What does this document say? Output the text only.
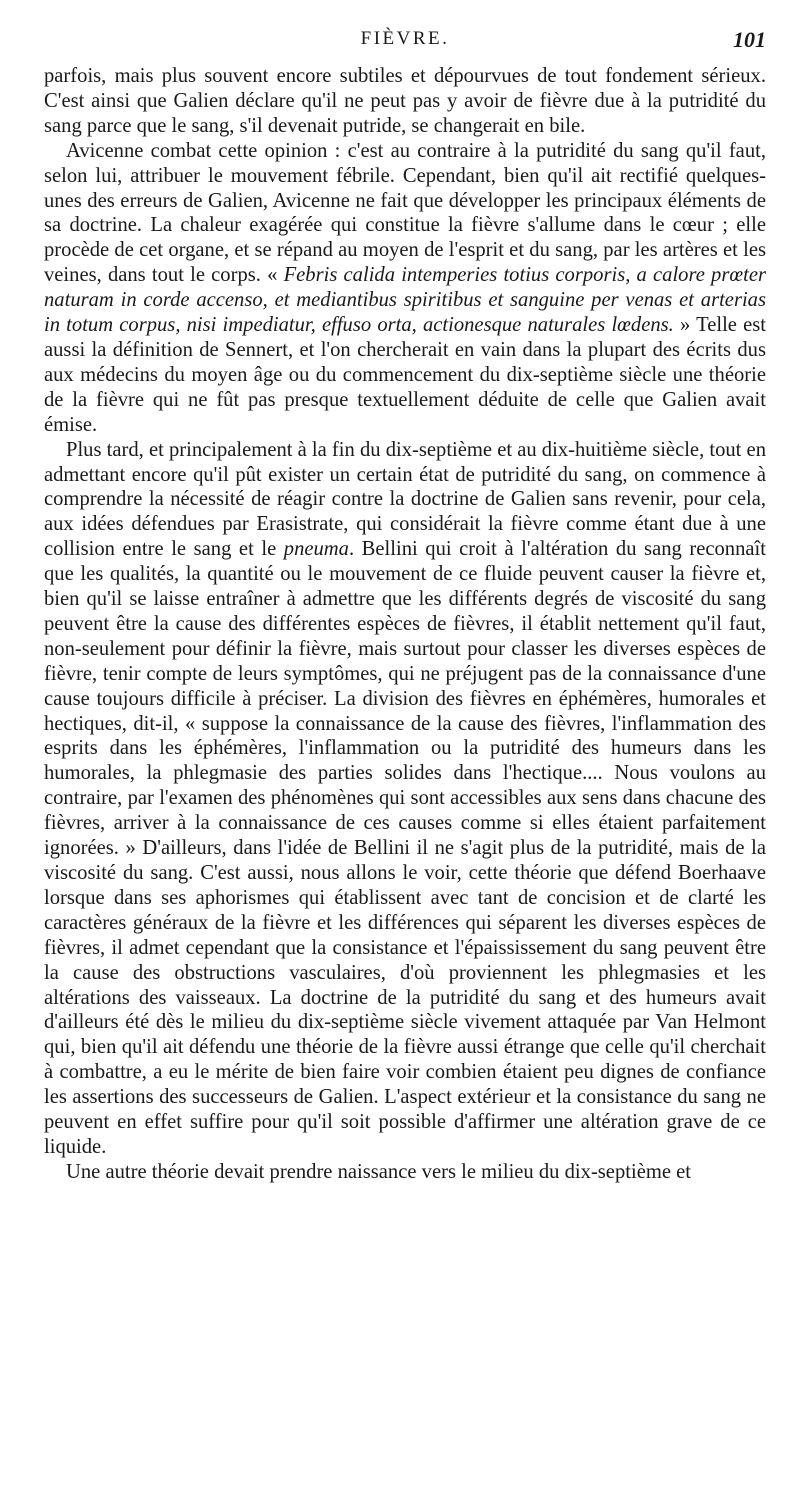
FIÈVRE.	101

parfois, mais plus souvent encore subtiles et dépourvues de tout fondement sérieux. C'est ainsi que Galien déclare qu'il ne peut pas y avoir de fièvre due à la putridité du sang parce que le sang, s'il devenait putride, se changerait en bile.

Avicenne combat cette opinion : c'est au contraire à la putridité du sang qu'il faut, selon lui, attribuer le mouvement fébrile. Cependant, bien qu'il ait rectifié quelques-unes des erreurs de Galien, Avicenne ne fait que développer les principaux éléments de sa doctrine. La chaleur exagérée qui constitue la fièvre s'allume dans le cœur ; elle procède de cet organe, et se répand au moyen de l'esprit et du sang, par les artères et les veines, dans tout le corps. « Febris calida intemperies totius corporis, a calore prœter naturam in corde accenso, et mediantibus spiritibus et sanguine per venas et arterias in totum corpus, nisi impediatur, effuso orta, actionesque naturales lœdens. » Telle est aussi la définition de Sennert, et l'on chercherait en vain dans la plupart des écrits dus aux médecins du moyen âge ou du commencement du dix-septième siècle une théorie de la fièvre qui ne fût pas presque textuellement déduite de celle que Galien avait émise.

Plus tard, et principalement à la fin du dix-septième et au dix-huitième siècle, tout en admettant encore qu'il pût exister un certain état de putridité du sang, on commence à comprendre la nécessité de réagir contre la doctrine de Galien sans revenir, pour cela, aux idées défendues par Erasistrate, qui considérait la fièvre comme étant due à une collision entre le sang et le pneuma. Bellini qui croit à l'altération du sang reconnaît que les qualités, la quantité ou le mouvement de ce fluide peuvent causer la fièvre et, bien qu'il se laisse entraîner à admettre que les différents degrés de viscosité du sang peuvent être la cause des différentes espèces de fièvres, il établit nettement qu'il faut, non-seulement pour définir la fièvre, mais surtout pour classer les diverses espèces de fièvre, tenir compte de leurs symptômes, qui ne préjugent pas de la connaissance d'une cause toujours difficile à préciser. La division des fièvres en éphémères, humorales et hectiques, dit-il, « suppose la connaissance de la cause des fièvres, l'inflammation des esprits dans les éphémères, l'inflammation ou la putridité des humeurs dans les humorales, la phlegmasie des parties solides dans l'hectique.... Nous voulons au contraire, par l'examen des phénomènes qui sont accessibles aux sens dans chacune des fièvres, arriver à la connaissance de ces causes comme si elles étaient parfaitement ignorées. » D'ailleurs, dans l'idée de Bellini il ne s'agit plus de la putridité, mais de la viscosité du sang. C'est aussi, nous allons le voir, cette théorie que défend Boerhaave lorsque dans ses aphorismes qui établissent avec tant de concision et de clarté les caractères généraux de la fièvre et les différences qui séparent les diverses espèces de fièvres, il admet cependant que la consistance et l'épaississement du sang peuvent être la cause des obstructions vasculaires, d'où proviennent les phlegmasies et les altérations des vaisseaux. La doctrine de la putridité du sang et des humeurs avait d'ailleurs été dès le milieu du dix-septième siècle vivement attaquée par Van Helmont qui, bien qu'il ait défendu une théorie de la fièvre aussi étrange que celle qu'il cherchait à combattre, a eu le mérite de bien faire voir combien étaient peu dignes de confiance les assertions des successeurs de Galien. L'aspect extérieur et la consistance du sang ne peuvent en effet suffire pour qu'il soit possible d'affirmer une altération grave de ce liquide.

Une autre théorie devait prendre naissance vers le milieu du dix-septième et
